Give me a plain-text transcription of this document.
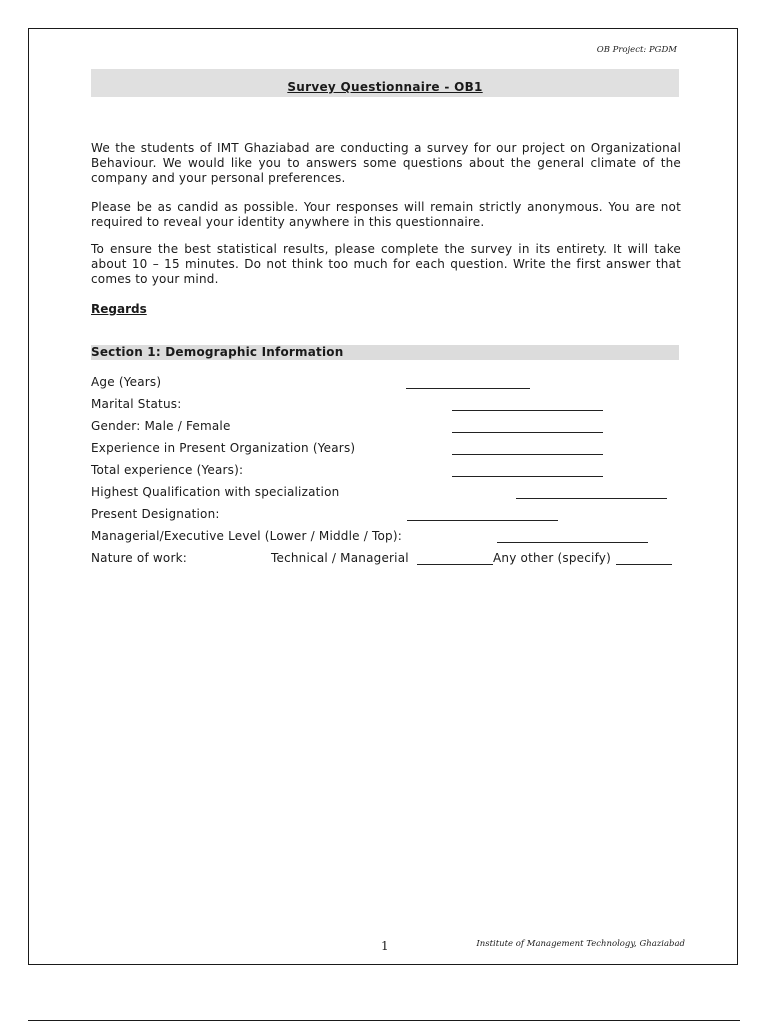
OB Project: PGDM
Survey Questionnaire - OB1
We the students of IMT Ghaziabad are conducting a survey for our project on Organizational Behaviour. We would like you to answers some questions about the general climate of the company and your personal preferences.
Please be as candid as possible. Your responses will remain strictly anonymous. You are not required to reveal your identity anywhere in this questionnaire.
To ensure the best statistical results, please complete the survey in its entirety. It will take about 10 – 15 minutes. Do not think too much for each question. Write the first answer that comes to your mind.
Regards
Section 1: Demographic Information
Age (Years)
Marital Status:
Gender: Male / Female
Experience in Present Organization (Years)
Total experience (Years):
Highest Qualification with specialization
Present Designation:
Managerial/Executive Level (Lower / Middle / Top):
Nature of work:	Technical / Managerial	Any other (specify)
1	Institute of Management Technology, Ghaziabad
